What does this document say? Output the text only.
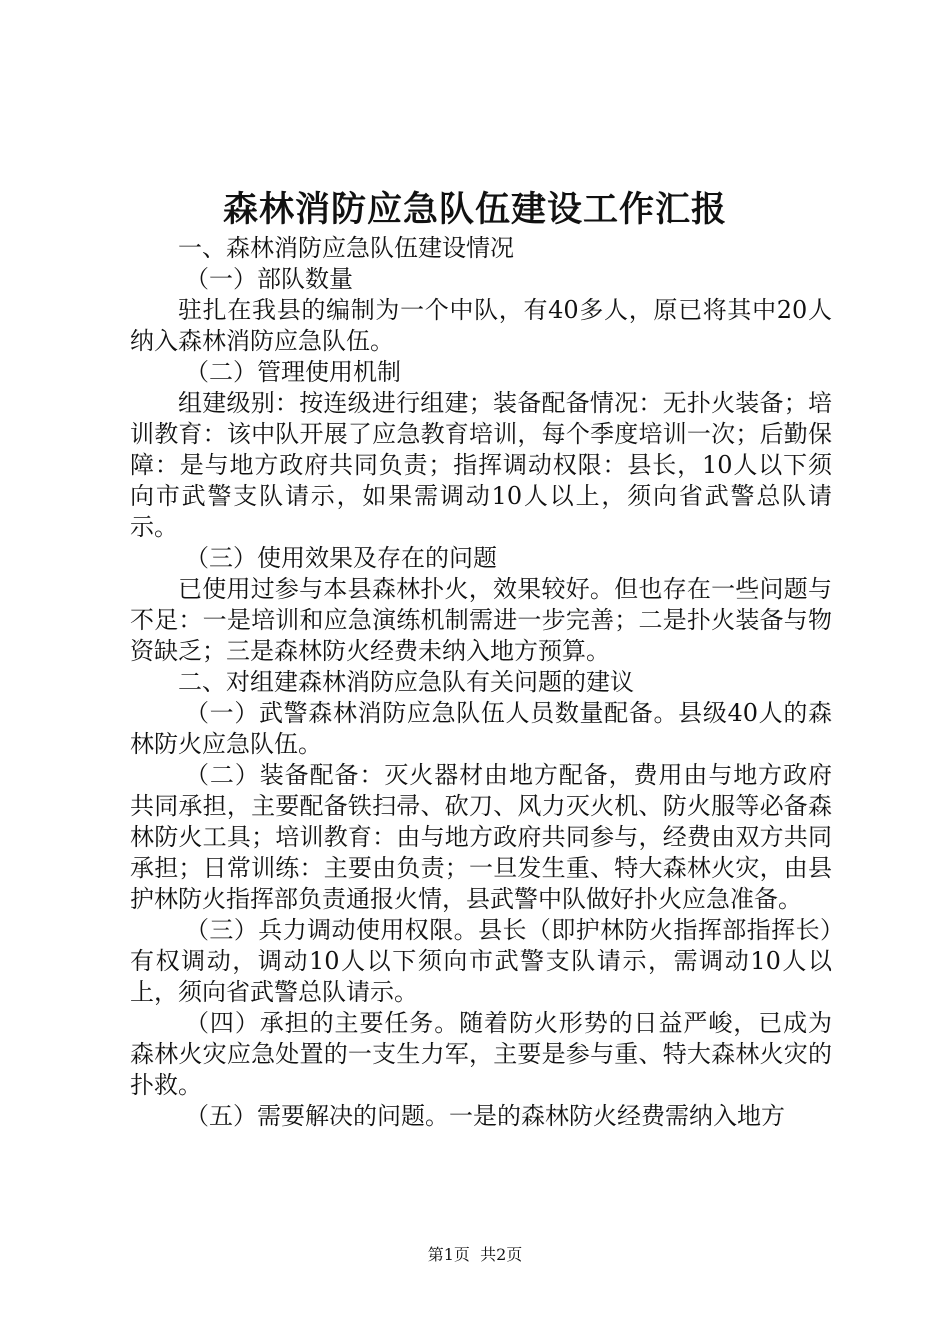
森林消防应急队伍建设工作汇报

一、森林消防应急队伍建设情况

（一）部队数量

驻扎在我县的编制为一个中队，有40多人，原已将其中20人纳入森林消防应急队伍。

（二）管理使用机制

组建级别：按连级进行组建；装备配备情况：无扑火装备；培训教育：该中队开展了应急教育培训，每个季度培训一次；后勤保障：是与地方政府共同负责；指挥调动权限：县长，10人以下须向市武警支队请示，如果需调动10人以上，须向省武警总队请示。

（三）使用效果及存在的问题

已使用过参与本县森林扑火，效果较好。但也存在一些问题与不足：一是培训和应急演练机制需进一步完善；二是扑火装备与物资缺乏；三是森林防火经费未纳入地方预算。

二、对组建森林消防应急队有关问题的建议

（一）武警森林消防应急队伍人员数量配备。县级40人的森林防火应急队伍。

（二）装备配备：灭火器材由地方配备，费用由与地方政府共同承担，主要配备铁扫帚、砍刀、风力灭火机、防火服等必备森林防火工具；培训教育：由与地方政府共同参与，经费由双方共同承担；日常训练：主要由负责；一旦发生重、特大森林火灾，由县护林防火指挥部负责通报火情，县武警中队做好扑火应急准备。

（三）兵力调动使用权限。县长（即护林防火指挥部指挥长）有权调动，调动10人以下须向市武警支队请示，需调动10人以上，须向省武警总队请示。

（四）承担的主要任务。随着防火形势的日益严峻，已成为森林火灾应急处置的一支生力军，主要是参与重、特大森林火灾的扑救。

（五）需要解决的问题。一是的森林防火经费需纳入地方

第1页  共2页
